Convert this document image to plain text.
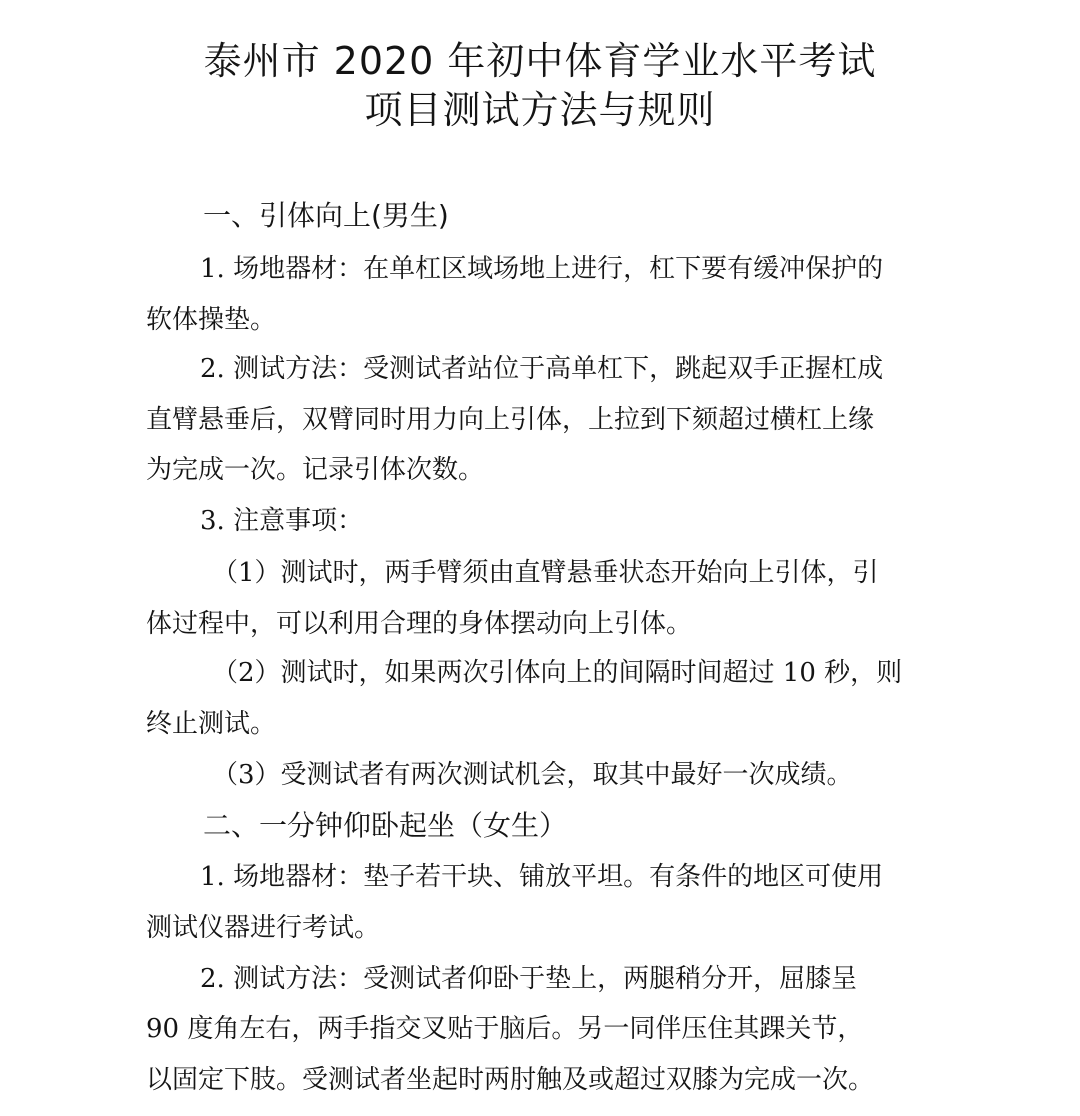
泰州市 2020 年初中体育学业水平考试
项目测试方法与规则
一、引体向上(男生)
1. 场地器材：在单杠区域场地上进行，杠下要有缓冲保护的
软体操垫。
2. 测试方法：受测试者站位于高单杠下，跳起双手正握杠成
直臂悬垂后，双臂同时用力向上引体，上拉到下颏超过横杠上缘
为完成一次。记录引体次数。
3. 注意事项：
（1）测试时，两手臂须由直臂悬垂状态开始向上引体，引
体过程中，可以利用合理的身体摆动向上引体。
（2）测试时，如果两次引体向上的间隔时间超过 10 秒，则
终止测试。
（3）受测试者有两次测试机会，取其中最好一次成绩。
二、一分钟仰卧起坐（女生）
1. 场地器材：垫子若干块、铺放平坦。有条件的地区可使用
测试仪器进行考试。
2. 测试方法：受测试者仰卧于垫上，两腿稍分开，屈膝呈
90 度角左右，两手指交叉贴于脑后。另一同伴压住其踝关节，
以固定下肢。受测试者坐起时两肘触及或超过双膝为完成一次。
